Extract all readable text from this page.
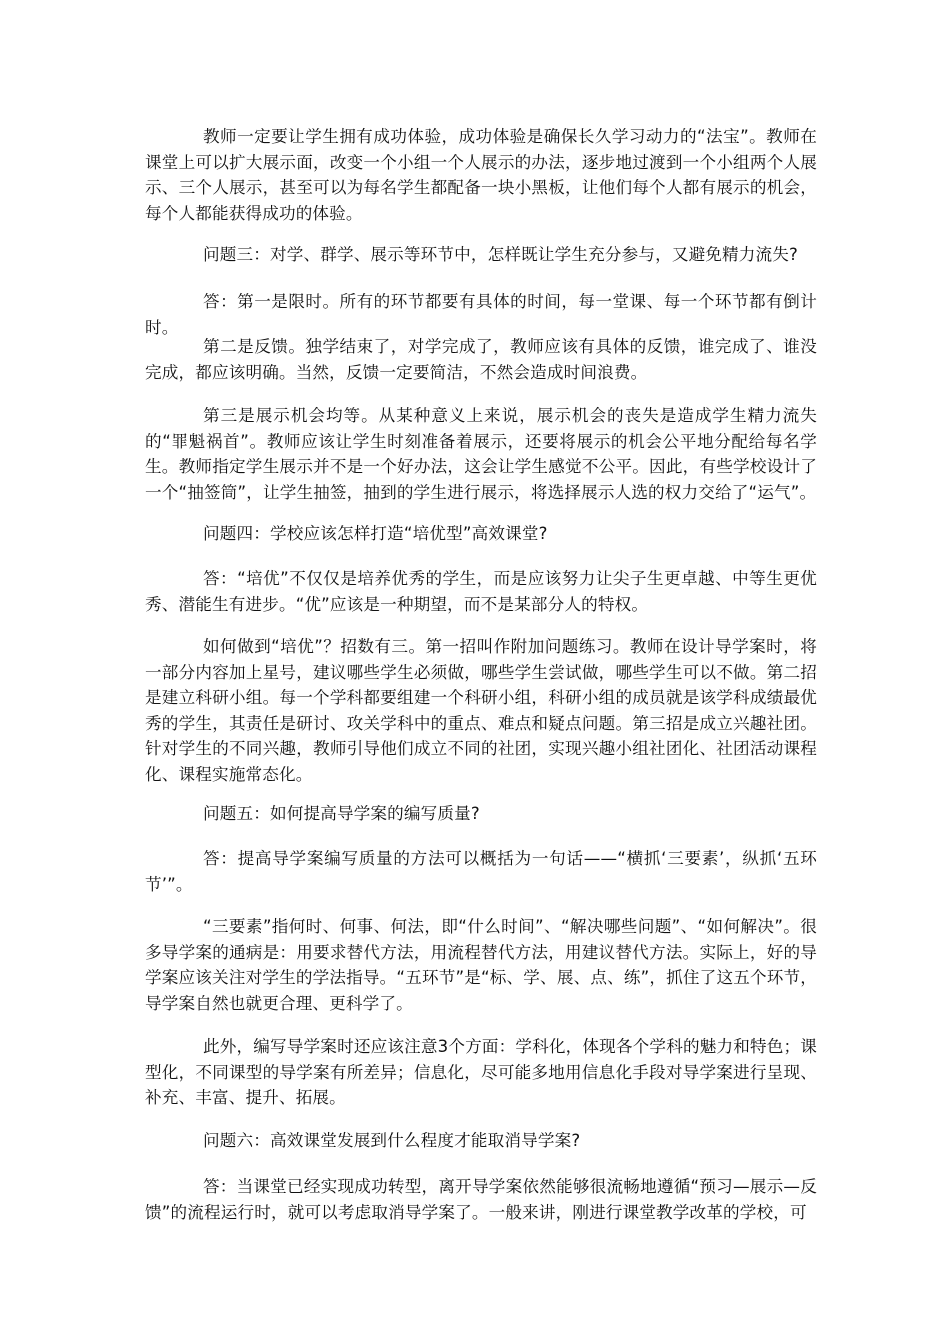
教师一定要让学生拥有成功体验，成功体验是确保长久学习动力的“法宝”。教师在课堂上可以扩大展示面，改变一个小组一个人展示的办法，逐步地过渡到一个小组两个人展示、三个人展示，甚至可以为每名学生都配备一块小黑板，让他们每个人都有展示的机会，每个人都能获得成功的体验。

问题三：对学、群学、展示等环节中，怎样既让学生充分参与，又避免精力流失?

答：第一是限时。所有的环节都要有具体的时间，每一堂课、每一个环节都有倒计时。

第二是反馈。独学结束了，对学完成了，教师应该有具体的反馈，谁完成了、谁没完成，都应该明确。当然，反馈一定要简洁，不然会造成时间浪费。

第三是展示机会均等。从某种意义上来说，展示机会的丧失是造成学生精力流失的“罪魁祸首”。教师应该让学生时刻准备着展示，还要将展示的机会公平地分配给每名学生。教师指定学生展示并不是一个好办法，这会让学生感觉不公平。因此，有些学校设计了一个“抽签筒”，让学生抽签，抽到的学生进行展示，将选择展示人选的权力交给了“运气”。

问题四：学校应该怎样打造“培优型”高效课堂?

答：“培优”不仅仅是培养优秀的学生，而是应该努力让尖子生更卓越、中等生更优秀、潜能生有进步。“优”应该是一种期望，而不是某部分人的特权。

如何做到“培优”？招数有三。第一招叫作附加问题练习。教师在设计导学案时，将一部分内容加上星号，建议哪些学生必须做，哪些学生尝试做，哪些学生可以不做。第二招是建立科研小组。每一个学科都要组建一个科研小组，科研小组的成员就是该学科成绩最优秀的学生，其责任是研讨、攻关学科中的重点、难点和疑点问题。第三招是成立兴趣社团。针对学生的不同兴趣，教师引导他们成立不同的社团，实现兴趣小组社团化、社团活动课程化、课程实施常态化。

问题五：如何提高导学案的编写质量?

答：提高导学案编写质量的方法可以概括为一句话——“横抓‘三要素’，纵抓‘五环节’”。

“三要素”指何时、何事、何法，即“什么时间”、“解决哪些问题”、“如何解决”。很多导学案的通病是：用要求替代方法，用流程替代方法，用建议替代方法。实际上，好的导学案应该关注对学生的学法指导。“五环节”是“标、学、展、点、练”，抓住了这五个环节，导学案自然也就更合理、更科学了。

此外，编写导学案时还应该注意3个方面：学科化，体现各个学科的魅力和特色；课型化，不同课型的导学案有所差异；信息化，尽可能多地用信息化手段对导学案进行呈现、补充、丰富、提升、拓展。

问题六：高效课堂发展到什么程度才能取消导学案?

答：当课堂已经实现成功转型，离开导学案依然能够很流畅地遵循“预习—展示—反馈”的流程运行时，就可以考虑取消导学案了。一般来讲，刚进行课堂教学改革的学校，可
